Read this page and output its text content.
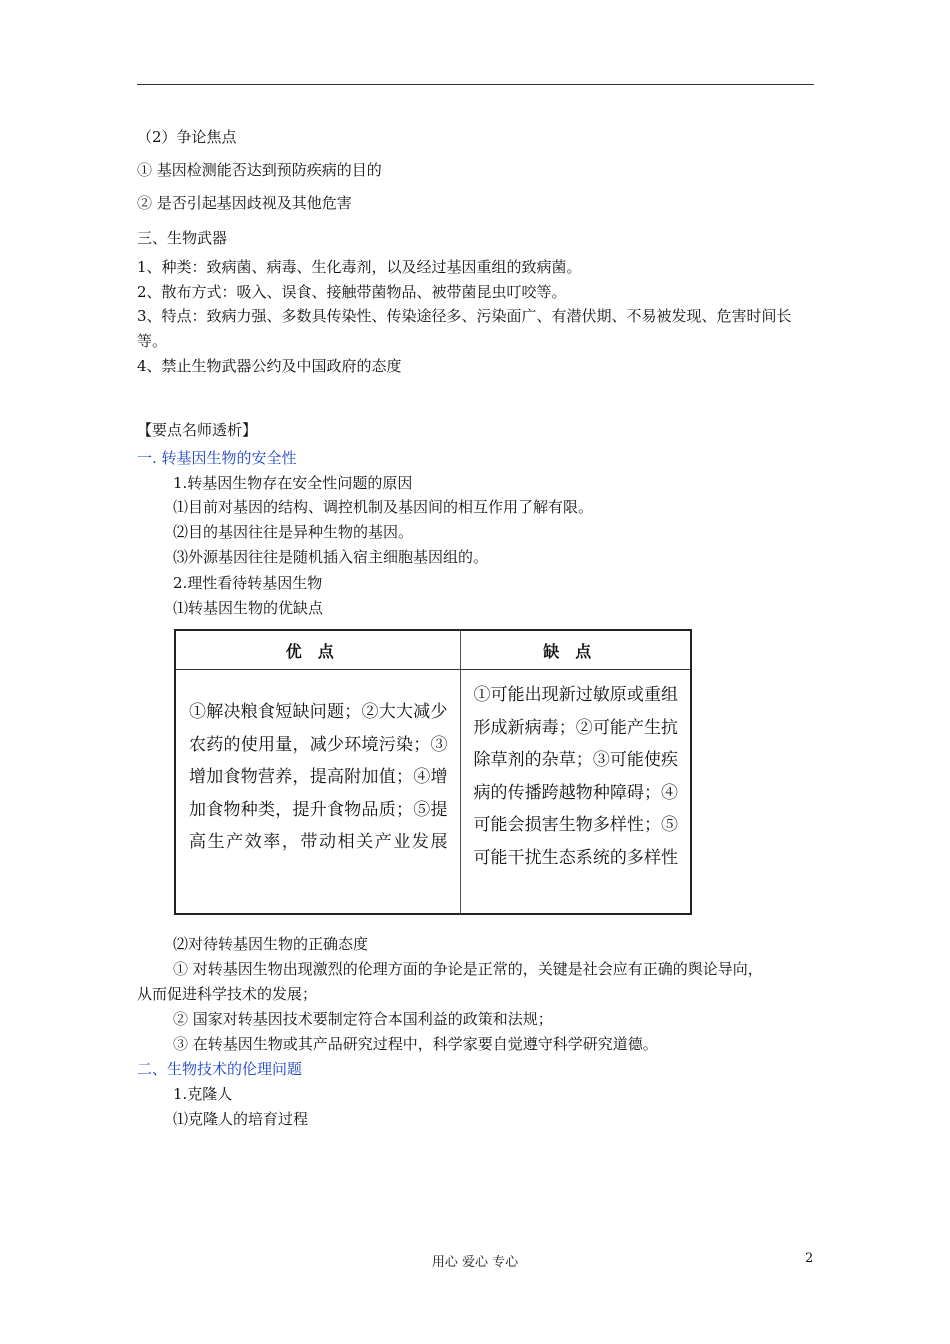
（2）争论焦点
① 基因检测能否达到预防疾病的目的
② 是否引起基因歧视及其他危害
三、生物武器
1、种类：致病菌、病毒、生化毒剂，以及经过基因重组的致病菌。
2、散布方式：吸入、误食、接触带菌物品、被带菌昆虫叮咬等。
3、特点：致病力强、多数具传染性、传染途径多、污染面广、有潜伏期、不易被发现、危害时间长
等。
4、禁止生物武器公约及中国政府的态度
【要点名师透析】
一. 转基因生物的安全性
1.转基因生物存在安全性问题的原因
⑴目前对基因的结构、调控机制及基因间的相互作用了解有限。
⑵目的基因往往是异种生物的基因。
⑶外源基因往往是随机插入宿主细胞基因组的。
2.理性看待转基因生物
⑴转基因生物的优缺点
优点	缺点

①解决粮食短缺问题；②大大减少农药的使用量，减少环境污染；③增加食物营养，提高附加值；④增加食物种类，提升食物品质；⑤提高生产效率，带动相关产业发展	①可能出现新过敏原或重组形成新病毒；②可能产生抗除草剂的杂草；③可能使疾病的传播跨越物种障碍；④可能会损害生物多样性；⑤可能干扰生态系统的多样性
⑵对待转基因生物的正确态度
① 对转基因生物出现激烈的伦理方面的争论是正常的，关键是社会应有正确的舆论导向，
从而促进科学技术的发展；
② 国家对转基因技术要制定符合本国利益的政策和法规；
③ 在转基因生物或其产品研究过程中，科学家要自觉遵守科学研究道德。
二、生物技术的伦理问题
1.克隆人
⑴克隆人的培育过程
用心 爱心 专心	2
